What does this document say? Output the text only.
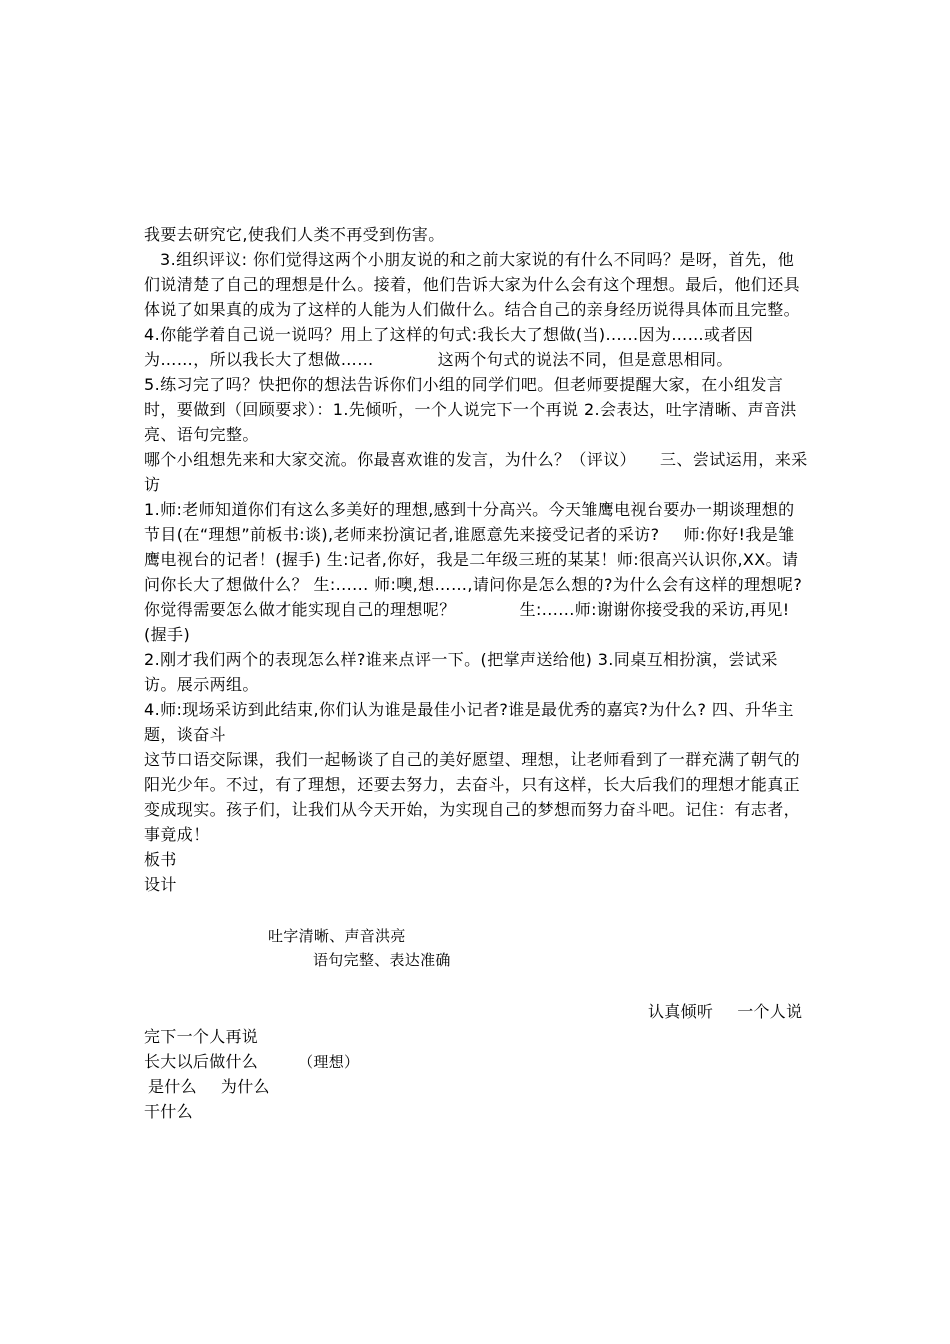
我要去研究它,使我们人类不再受到伤害。

3.组织评议: 你们觉得这两个小朋友说的和之前大家说的有什么不同吗？是呀，首先，他们说清楚了自己的理想是什么。接着，他们告诉大家为什么会有这个理想。最后，他们还具体说了如果真的成为了这样的人能为人们做什么。结合自己的亲身经历说得具体而且完整。

4.你能学着自己说一说吗？用上了这样的句式:我长大了想做(当)......因为……或者因为……，所以我长大了想做……	这两个句式的说法不同，但是意思相同。

5.练习完了吗？快把你的想法告诉你们小组的同学们吧。但老师要提醒大家，在小组发言时，要做到（回顾要求）：1.先倾听，一个人说完下一个再说 2.会表达，吐字清晰、声音洪亮、语句完整。

哪个小组想先来和大家交流。你最喜欢谁的发言，为什么？（评议） 三、尝试运用，来采访

1.师:老师知道你们有这么多美好的理想,感到十分高兴。今天雏鹰电视台要办一期谈理想的节目(在“理想”前板书:谈),老师来扮演记者,谁愿意先来接受记者的采访? 师:你好!我是雏鹰电视台的记者！(握手) 生:记者,你好，我是二年级三班的某某！师:很高兴认识你,XX。请问你长大了想做什么？ 生:...... 师:噢,想……,请问你是怎么想的?为什么会有这样的理想呢?你觉得需要怎么做才能实现自己的理想呢？	生:......师:谢谢你接受我的采访,再见!(握手)

2.刚才我们两个的表现怎么样?谁来点评一下。(把掌声送给他) 3.同桌互相扮演，尝试采访。展示两组。

4.师:现场采访到此结束,你们认为谁是最佳小记者?谁是最优秀的嘉宾?为什么? 四、升华主题，谈奋斗

这节口语交际课，我们一起畅谈了自己的美好愿望、理想，让老师看到了一群充满了朝气的阳光少年。不过，有了理想，还要去努力，去奋斗，只有这样，长大后我们的理想才能真正变成现实。孩子们，让我们从今天开始，为实现自己的梦想而努力奋斗吧。记住：有志者，事竟成！

板书

设计

吐字清晰、声音洪亮
语句完整、表达准确
认真倾听 一个人说
完下一个人再说
长大以后做什么	（理想）
是什么 为什么
干什么
